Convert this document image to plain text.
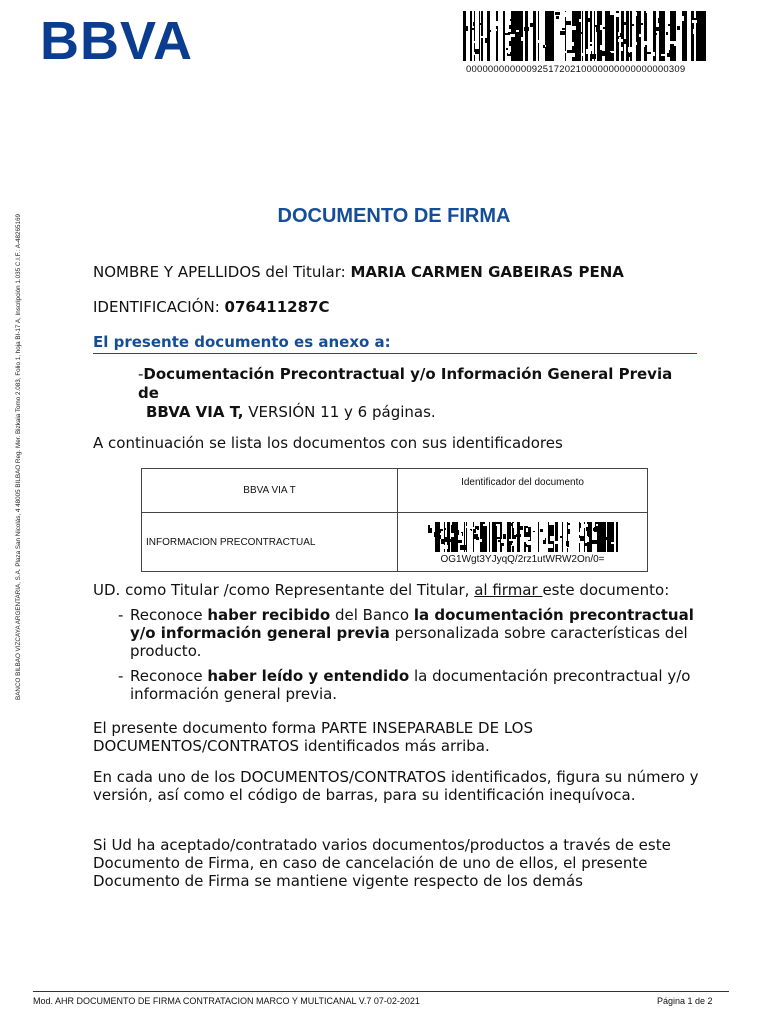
BBVA	0000000000009251720210000000000000000309
BANCO BILBAO VIZCAYA ARGENTARIA, S.A. Plaza San Nicolás, 4 48005 BILBAO Reg. Mer. Bizkaia Tomo 2.083, Folio 1, hoja BI-17 A, Inscripción 1.035 C.I.F.: A-48265169	DOCUMENTO DE FIRMA
NOMBRE Y APELLIDOS del Titular: MARIA CARMEN GABEIRAS PENA
IDENTIFICACIÓN: 076411287C
El presente documento es anexo a:
-Documentación Precontractual y/o Información General Previa de
BBVA VIA T, VERSIÓN 11 y 6 páginas.
A continuación se lista los documentos con sus identificadores
BBVA VIA T	Identificador del documento
INFORMACION PRECONTRACTUAL	OG1Wgt3YJyqQ/2rz1utWRW2On/0=
UD. como Titular /como Representante del Titular, al firmar este documento:
- Reconoce haber recibido del Banco la documentación precontractual y/o información general previa personalizada sobre características del producto.
- Reconoce haber leído y entendido la documentación precontractual y/o información general previa.
El presente documento forma PARTE INSEPARABLE DE LOS DOCUMENTOS/CONTRATOS identificados más arriba.
En cada uno de los DOCUMENTOS/CONTRATOS identificados, figura su número y versión, así como el código de barras, para su identificación inequívoca.
Si Ud ha aceptado/contratado varios documentos/productos a través de este Documento de Firma, en caso de cancelación de uno de ellos, el presente Documento de Firma se mantiene vigente respecto de los demás
Mod. AHR DOCUMENTO DE FIRMA CONTRATACION MARCO Y MULTICANAL V.7 07-02-2021	Página 1 de 2
